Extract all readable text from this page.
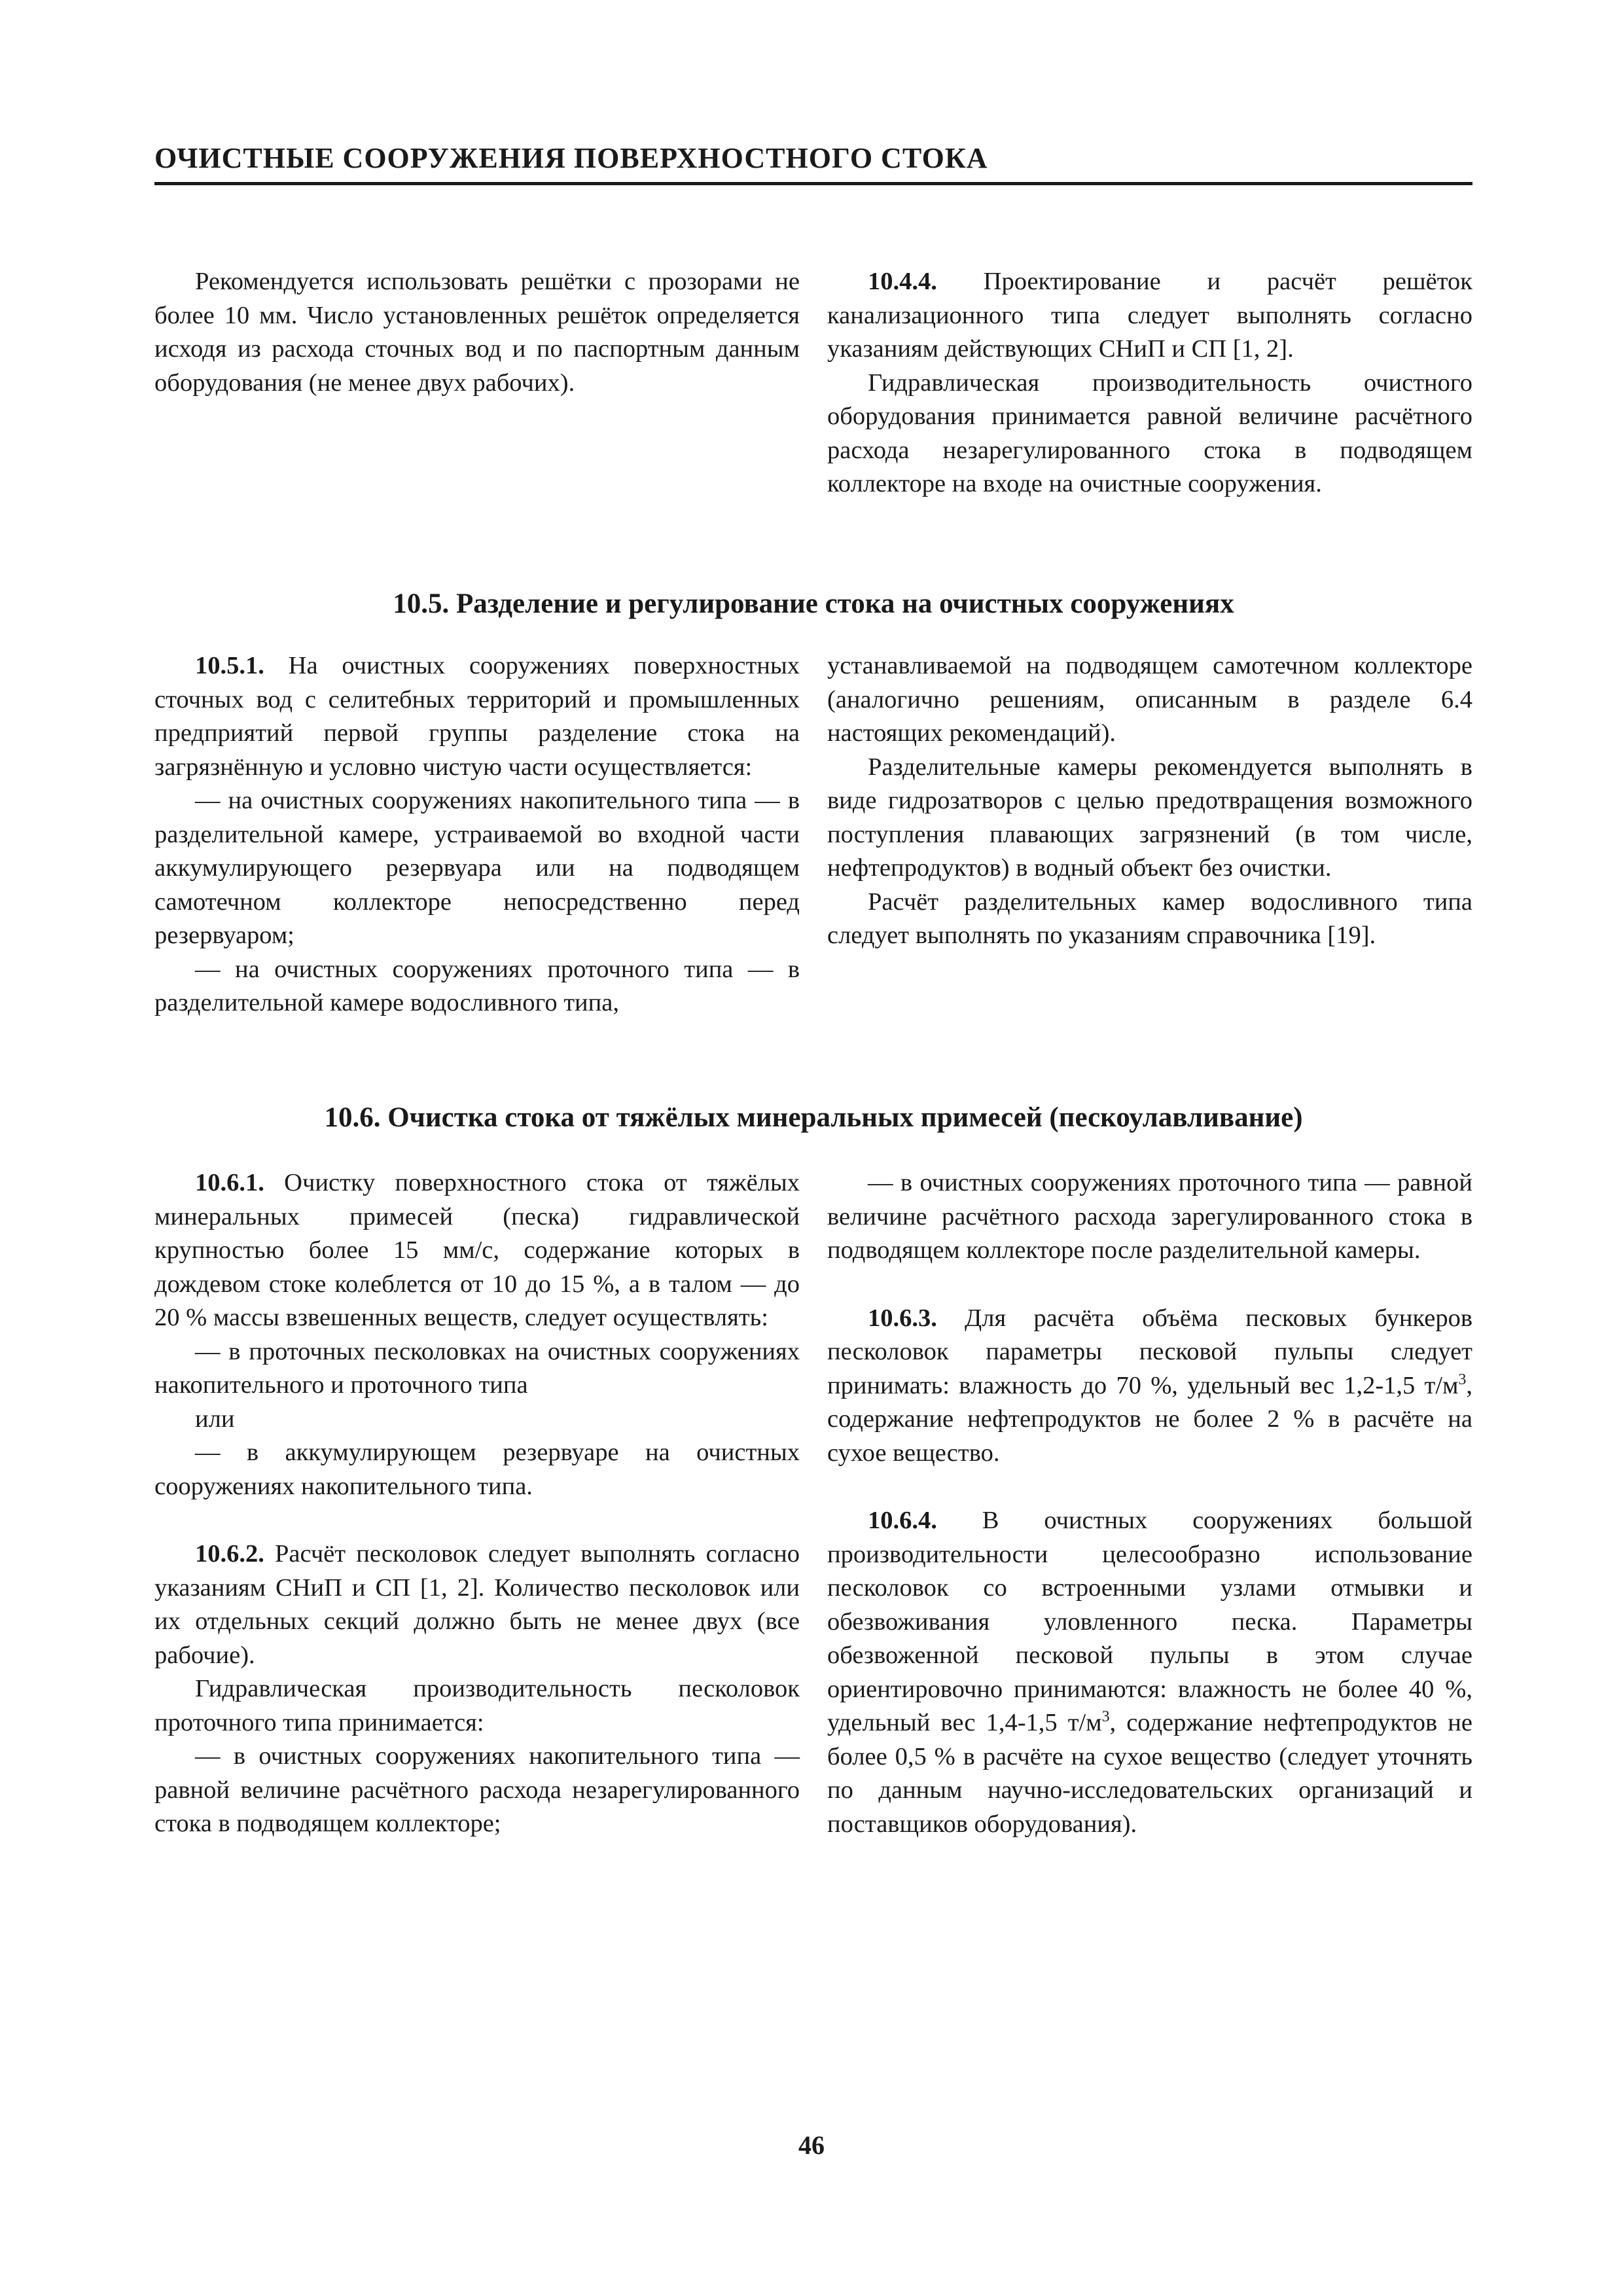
ОЧИСТНЫЕ СООРУЖЕНИЯ ПОВЕРХНОСТНОГО СТОКА

Рекомендуется использовать решётки с прозорами не более 10 мм. Число установленных решёток определяется исходя из расхода сточных вод и по паспортным данным оборудования (не менее двух рабочих).

10.4.4. Проектирование и расчёт решёток канализационного типа следует выполнять согласно указаниям действующих СНиП и СП [1, 2].

Гидравлическая производительность очистного оборудования принимается равной величине расчётного расхода незарегулированного стока в подводящем коллекторе на входе на очистные сооружения.

10.5. Разделение и регулирование стока на очистных сооружениях

10.5.1. На очистных сооружениях поверхностных сточных вод с селитебных территорий и промышленных предприятий первой группы разделение стока на загрязнённую и условно чистую части осуществляется:

— на очистных сооружениях накопительного типа — в разделительной камере, устраиваемой во входной части аккумулирующего резервуара или на подводящем самотечном коллекторе непосредственно перед резервуаром;

— на очистных сооружениях проточного типа — в разделительной камере водосливного типа,

устанавливаемой на подводящем самотечном коллекторе (аналогично решениям, описанным в разделе 6.4 настоящих рекомендаций).

Разделительные камеры рекомендуется выполнять в виде гидрозатворов с целью предотвращения возможного поступления плавающих загрязнений (в том числе, нефтепродуктов) в водный объект без очистки.

Расчёт разделительных камер водосливного типа следует выполнять по указаниям справочника [19].

10.6. Очистка стока от тяжёлых минеральных примесей (пескоулавливание)

10.6.1. Очистку поверхностного стока от тяжёлых минеральных примесей (песка) гидравлической крупностью более 15 мм/с, содержание которых в дождевом стоке колеблется от 10 до 15 %, а в талом — до 20 % массы взвешенных веществ, следует осуществлять:

— в проточных песколовках на очистных сооружениях накопительного и проточного типа

или

— в аккумулирующем резервуаре на очистных сооружениях накопительного типа.

10.6.2. Расчёт песколовок следует выполнять согласно указаниям СНиП и СП [1, 2]. Количество песколовок или их отдельных секций должно быть не менее двух (все рабочие).

Гидравлическая производительность песколовок проточного типа принимается:

— в очистных сооружениях накопительного типа — равной величине расчётного расхода незарегулированного стока в подводящем коллекторе;

— в очистных сооружениях проточного типа — равной величине расчётного расхода зарегулированного стока в подводящем коллекторе после разделительной камеры.

10.6.3. Для расчёта объёма песковых бункеров песколовок параметры песковой пульпы следует принимать: влажность до 70 %, удельный вес 1,2-1,5 $т/м^3$, содержание нефтепродуктов не более 2 % в расчёте на сухое вещество.

10.6.4. В очистных сооружениях большой производительности целесообразно использование песколовок со встроенными узлами отмывки и обезвоживания уловленного песка. Параметры обезвоженной песковой пульпы в этом случае ориентировочно принимаются: влажность не более 40 %, удельный вес 1,4-1,5 $т/м^3$, содержание нефтепродуктов не более 0,5 % в расчёте на сухое вещество (следует уточнять по данным научно-исследовательских организаций и поставщиков оборудования).

46
